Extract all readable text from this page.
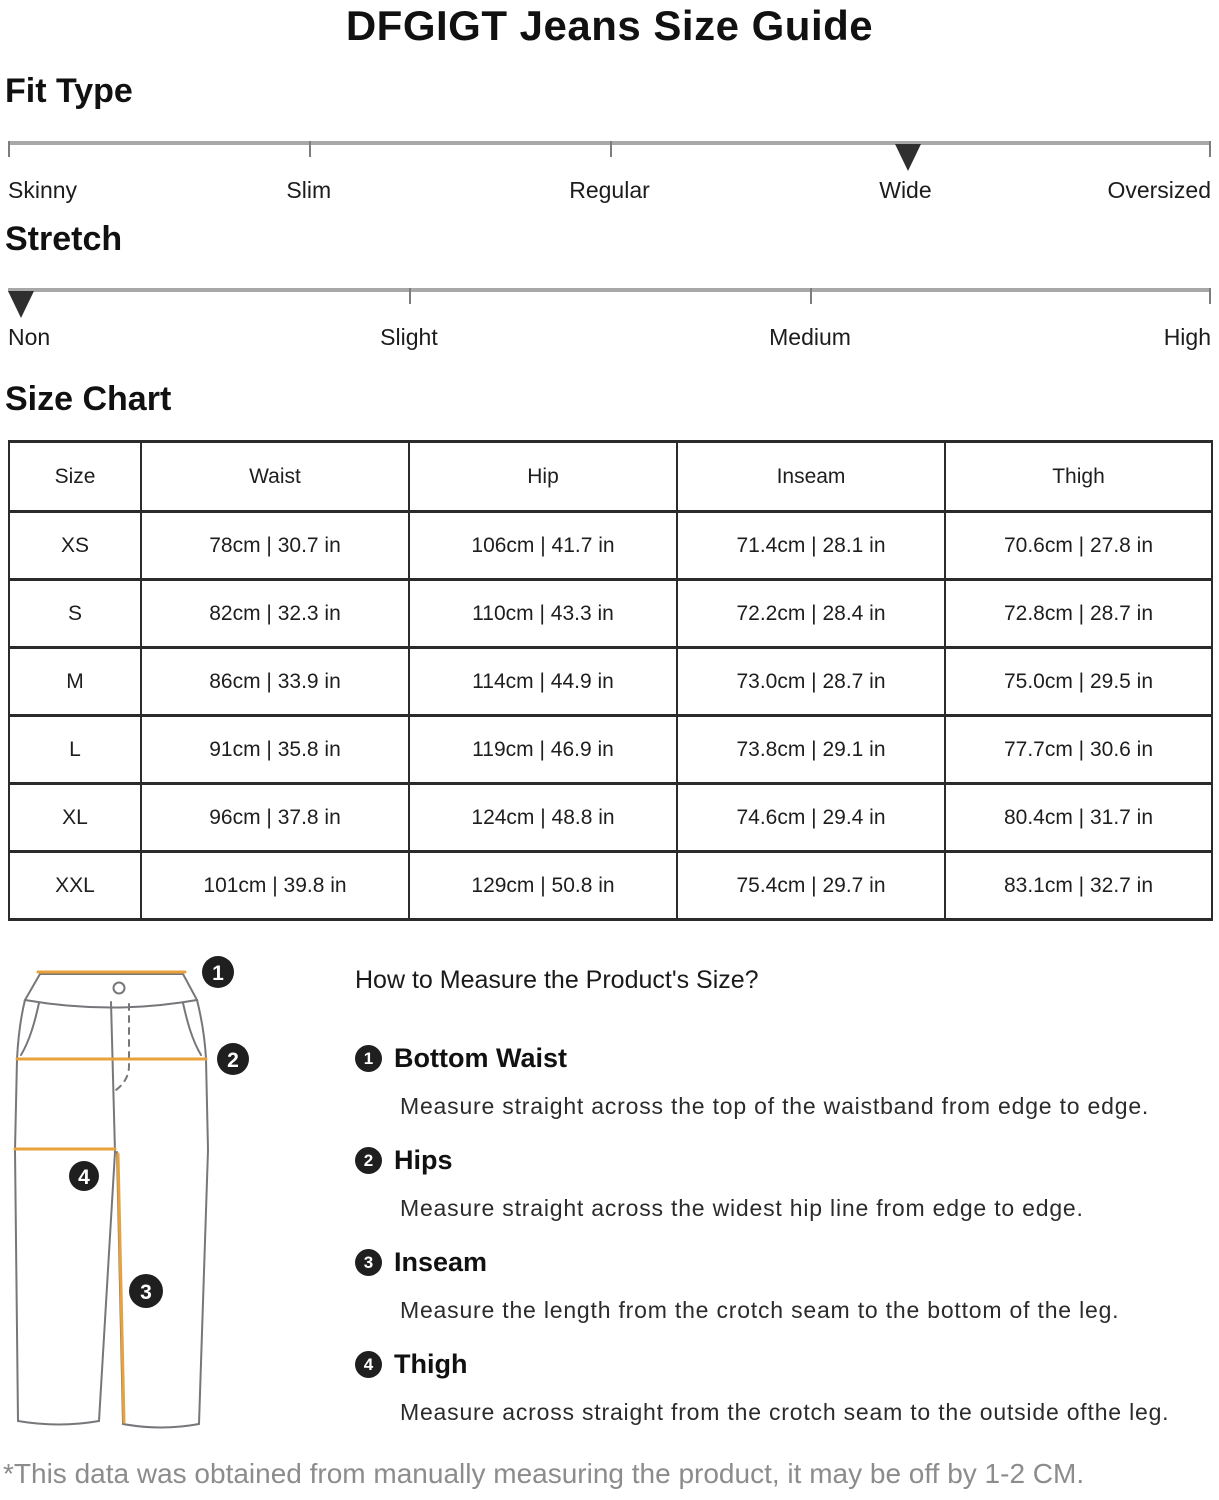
DFGIGT Jeans Size Guide
Fit Type
Skinny	Slim	Regular	Wide	Oversized
Stretch
Non	Slight	Medium	High
Size Chart
Size	Waist	Hip	Inseam	Thigh
XS	78cm | 30.7 in	106cm | 41.7 in	71.4cm | 28.1 in	70.6cm | 27.8 in
S	82cm | 32.3 in	110cm | 43.3 in	72.2cm | 28.4 in	72.8cm | 28.7 in
M	86cm | 33.9 in	114cm | 44.9 in	73.0cm | 28.7 in	75.0cm | 29.5 in
L	91cm | 35.8 in	119cm | 46.9 in	73.8cm | 29.1 in	77.7cm | 30.6 in
XL	96cm | 37.8 in	124cm | 48.8 in	74.6cm | 29.4 in	80.4cm | 31.7 in
XXL	101cm | 39.8 in	129cm | 50.8 in	75.4cm | 29.7 in	83.1cm | 32.7 in
1
2
3
4
How to Measure the Product's Size?
1 Bottom Waist
Measure straight across the top of the waistband from edge to edge.
2 Hips
Measure straight across the widest hip line from edge to edge.
3 Inseam
Measure the length from the crotch seam to the bottom of the leg.
4 Thigh
Measure across straight from the crotch seam to the outside ofthe leg.
*This data was obtained from manually measuring the product, it may be off by 1-2 CM.
